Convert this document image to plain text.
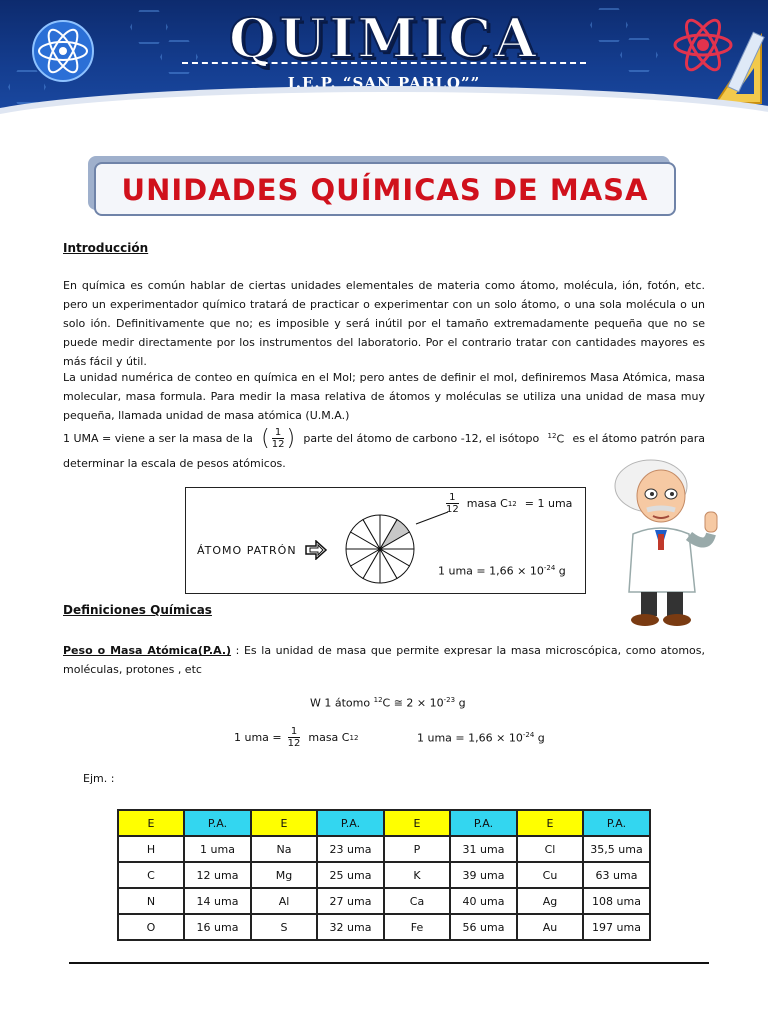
QUIMICA
I.E.P. “SAN PABLO””
UNIDADES QUÍMICAS DE MASA
Introducción
En química es común hablar de ciertas unidades elementales de materia como átomo, molécula, ión, fotón, etc. pero un experimentador químico tratará de practicar o experimentar con un solo átomo, o una sola molécula o un solo ión. Definitivamente que no; es imposible y será inútil por el tamaño extremadamente pequeña que no se puede medir directamente por los instrumentos del laboratorio. Por el contrario tratar con cantidades mayores es más fácil y útil.
La unidad numérica de conteo en química en el Mol; pero antes de definir el mol, definiremos Masa Atómica, masa molecular, masa formula. Para medir la masa relativa de átomos y moléculas se utiliza una unidad de masa muy pequeña, llamada unidad de masa atómica (U.M.A.)
1 UMA = viene a ser la masa de la ( $\frac{1}{12}$ ) parte del átomo de carbono -12, el isótopo $^{12}$C es el átomo patrón para
determinar la escala de pesos atómicos.
ÁTOMO PATRÓN
$\frac{1}{12}$ masa C 12 = 1 uma
1 uma = $1,66 \times 10^{-24}$ g
Definiciones Químicas
Peso o Masa Atómica(P.A.) : Es la unidad de masa que permite expresar la masa microscópica, como atomos, moléculas, protones , etc
W 1 átomo $^{12}$C ≅ $2 \times 10^{-23}$ g
1 uma = $\frac{1}{12}$ masa C 12	1 uma = $1,66 \times 10^{-24}$ g
Ejm. :
E	P.A.	E	P.A.	E	P.A.	E	P.A.
H	1 uma	Na	23 uma	P	31 uma	Cl	35,5 uma
C	12 uma	Mg	25 uma	K	39 uma	Cu	63 uma
N	14 uma	Al	27 uma	Ca	40 uma	Ag	108 uma
O	16 uma	S	32 uma	Fe	56 uma	Au	197 uma
